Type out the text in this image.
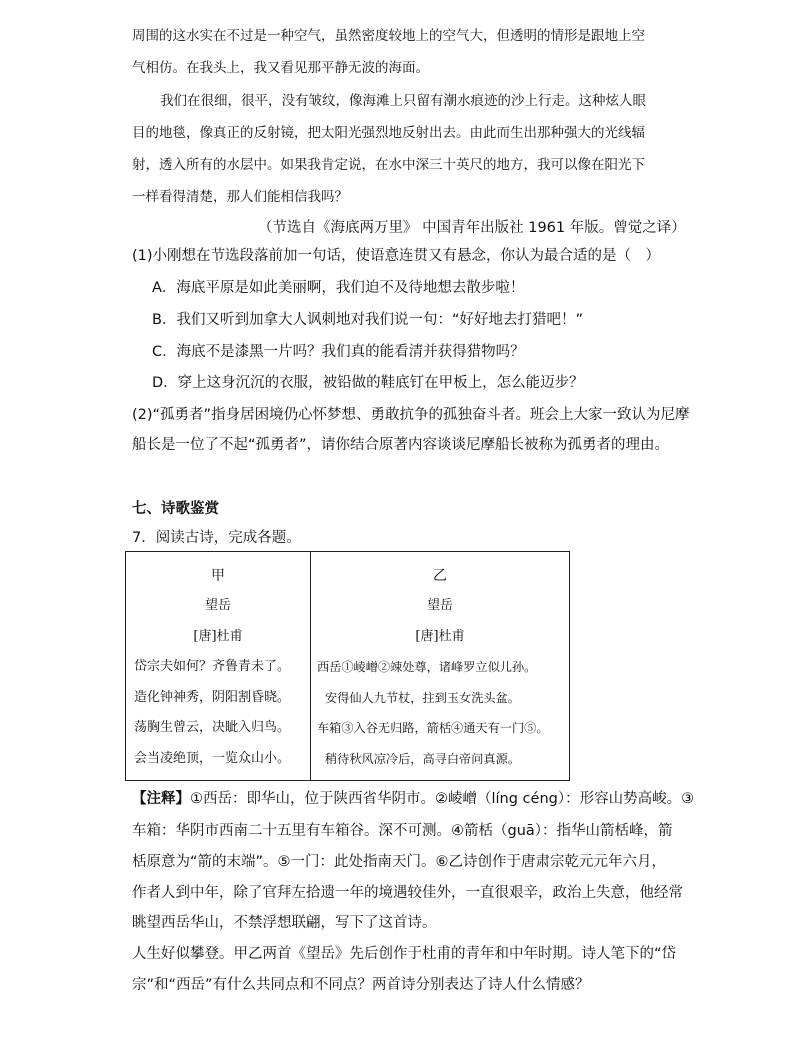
周围的这水实在不过是一种空气，虽然密度较地上的空气大，但透明的情形是跟地上空
气相仿。在我头上，我又看见那平静无波的海面。
我们在很细，很平，没有皱纹，像海滩上只留有潮水痕迹的沙上行走。这种炫人眼
目的地毯，像真正的反射镜，把太阳光强烈地反射出去。由此而生出那种强大的光线辐
射，透入所有的水层中。如果我肯定说，在水中深三十英尺的地方，我可以像在阳光下
一样看得清楚，那人们能相信我吗？
（节选自《海底两万里》 中国青年出版社 1961 年版。曾觉之译）
(1)小刚想在节选段落前加一句话，使语意连贯又有悬念，你认为最合适的是（　）
A．海底平原是如此美丽啊，我们迫不及待地想去散步啦！
B．我们又听到加拿大人讽刺地对我们说一句：“好好地去打猎吧！”
C．海底不是漆黑一片吗？我们真的能看清并获得猎物吗？
D．穿上这身沉沉的衣服，被铅做的鞋底钉在甲板上，怎么能迈步？
(2)“孤勇者”指身居困境仍心怀梦想、勇敢抗争的孤独奋斗者。班会上大家一致认为尼摩
船长是一位了不起“孤勇者”，请你结合原著内容谈谈尼摩船长被称为孤勇者的理由。
七、诗歌鉴赏
7．阅读古诗，完成各题。
甲
望岳
[唐]杜甫
岱宗夫如何？齐鲁青未了。
造化钟神秀，阴阳割昏晓。
荡胸生曾云，决眦入归鸟。
会当凌绝顶，一览众山小。
乙
望岳
[唐]杜甫
西岳①崚嶒②竦处尊，诸峰罗立似儿孙。
安得仙人九节杖，拄到玉女洗头盆。
车箱③入谷无归路，箭栝④通天有一门⑤。
稍待秋风凉冷后，高寻白帝问真源。
【注释】①西岳：即华山，位于陕西省华阴市。②崚嶒（líng céng）：形容山势高峻。③
车箱：华阴市西南二十五里有车箱谷。深不可测。④箭栝（guā）：指华山箭栝峰，箭
栝原意为“箭的末端”。⑤一门：此处指南天门。⑥乙诗创作于唐肃宗乾元元年六月，
作者人到中年，除了官拜左拾遗一年的境遇较佳外，一直很艰辛，政治上失意，他经常
眺望西岳华山，不禁浮想联翩，写下了这首诗。
人生好似攀登。甲乙两首《望岳》先后创作于杜甫的青年和中年时期。诗人笔下的“岱
宗”和“西岳”有什么共同点和不同点？两首诗分别表达了诗人什么情感？
